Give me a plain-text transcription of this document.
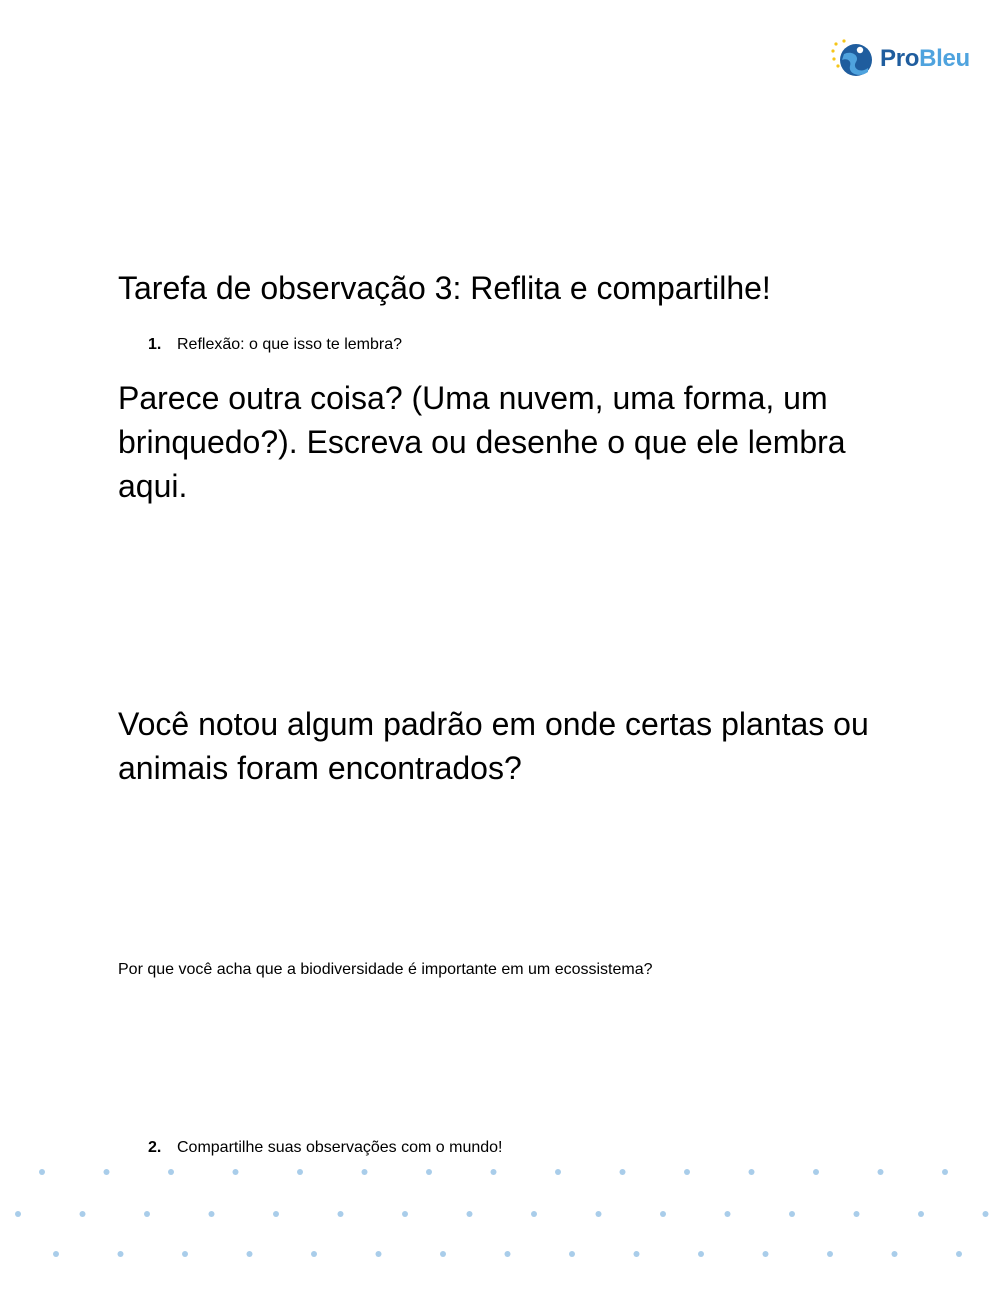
ProBleu
Tarefa de observação 3: Reflita e compartilhe!
1. Reflexão: o que isso te lembra?

Parece outra coisa? (Uma nuvem, uma forma, um brinquedo?). Escreva ou desenhe o que ele lembra aqui.

Você notou algum padrão em onde certas plantas ou animais foram encontrados?

Por que você acha que a biodiversidade é importante em um ecossistema?

2. Compartilhe suas observações com o mundo!
